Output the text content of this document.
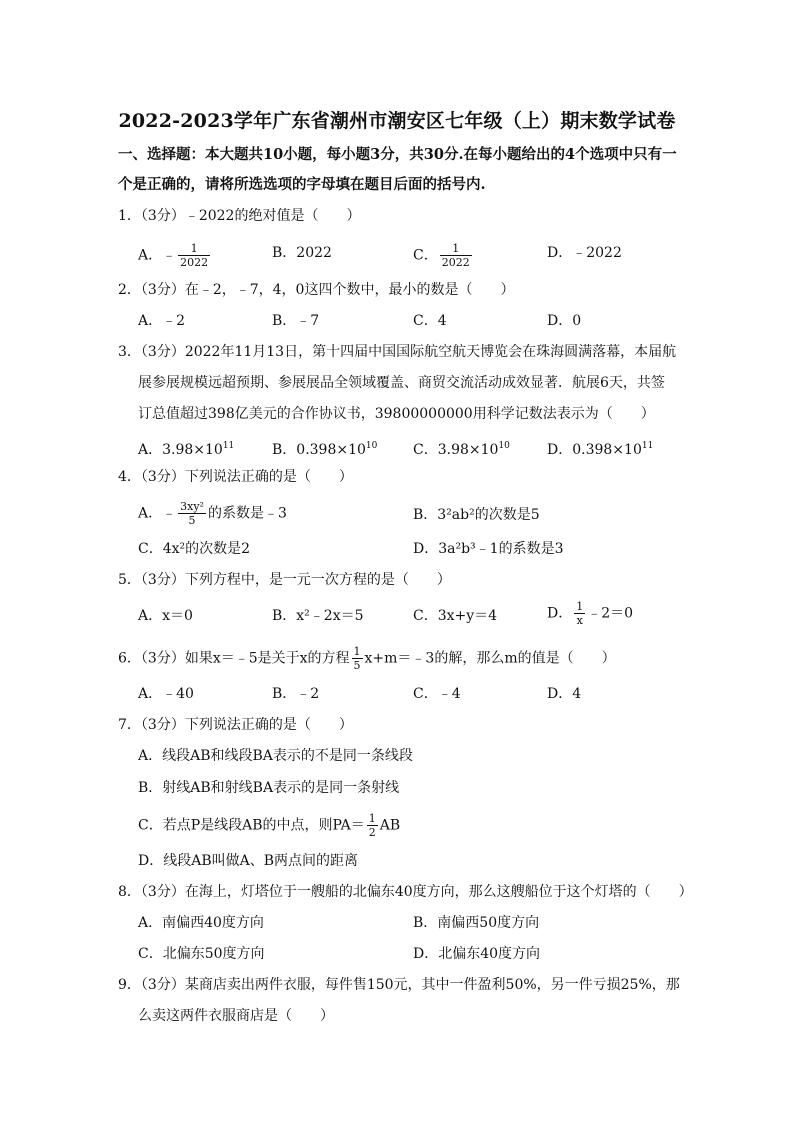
2022-2023学年广东省潮州市潮安区七年级（上）期末数学试卷
一、选择题：本大题共10小题，每小题3分，共30分.在每小题给出的4个选项中只有一
个是正确的，请将所选选项的字母填在题目后面的括号内.
1．（3分）﹣2022的绝对值是（　　）
A．﹣ $\frac{1}{2022}$	B．2022	C． $\frac{1}{2022}$	D．﹣2022
2．（3分）在﹣2，﹣7，4，0这四个数中，最小的数是（　　）
A．﹣2	B．﹣7	C．4	D．0
3．（3分）2022年11月13日，第十四届中国国际航空航天博览会在珠海圆满落幕，本届航
展参展规模远超预期、参展展品全领域覆盖、商贸交流活动成效显著．航展6天，共签
订总值超过398亿美元的合作协议书，39800000000用科学记数法表示为（　　）
A．$3.98\times 10^{11}$	B．$0.398\times 10^{10}$	C．$3.98\times 10^{10}$	D．$0.398\times 10^{11}$
4．（3分）下列说法正确的是（　　）
A．﹣ $\frac{\text{3xy²}}{5}$ 的系数是﹣3	B．3²ab²的次数是5
C．4x²的次数是2	D．3a²b³﹣1的系数是3
5．（3分）下列方程中，是一元一次方程的是（　　）
A．x＝0	B．x²﹣2x＝5	C．3x+y＝4	D． $\frac{1}{x}$ ﹣2＝0
6．（3分）如果x＝﹣5是关于x的方程 $\frac{1}{5}$ x+m＝﹣3的解，那么m的值是（　　）
A．﹣40	B．﹣2	C．﹣4	D．4
7．（3分）下列说法正确的是（　　）
A．线段AB和线段BA表示的不是同一条线段
B．射线AB和射线BA表示的是同一条射线
C．若点P是线段AB的中点，则$PA= \frac{1}{2}$ AB
D．线段AB叫做A、B两点间的距离
8．（3分）在海上，灯塔位于一艘船的北偏东40度方向，那么这艘船位于这个灯塔的（　　）
A．南偏西40度方向	B．南偏西50度方向
C．北偏东50度方向	D．北偏东40度方向
9．（3分）某商店卖出两件衣服，每件售150元，其中一件盈利50%，另一件亏损25%，那
么卖这两件衣服商店是（　　）
